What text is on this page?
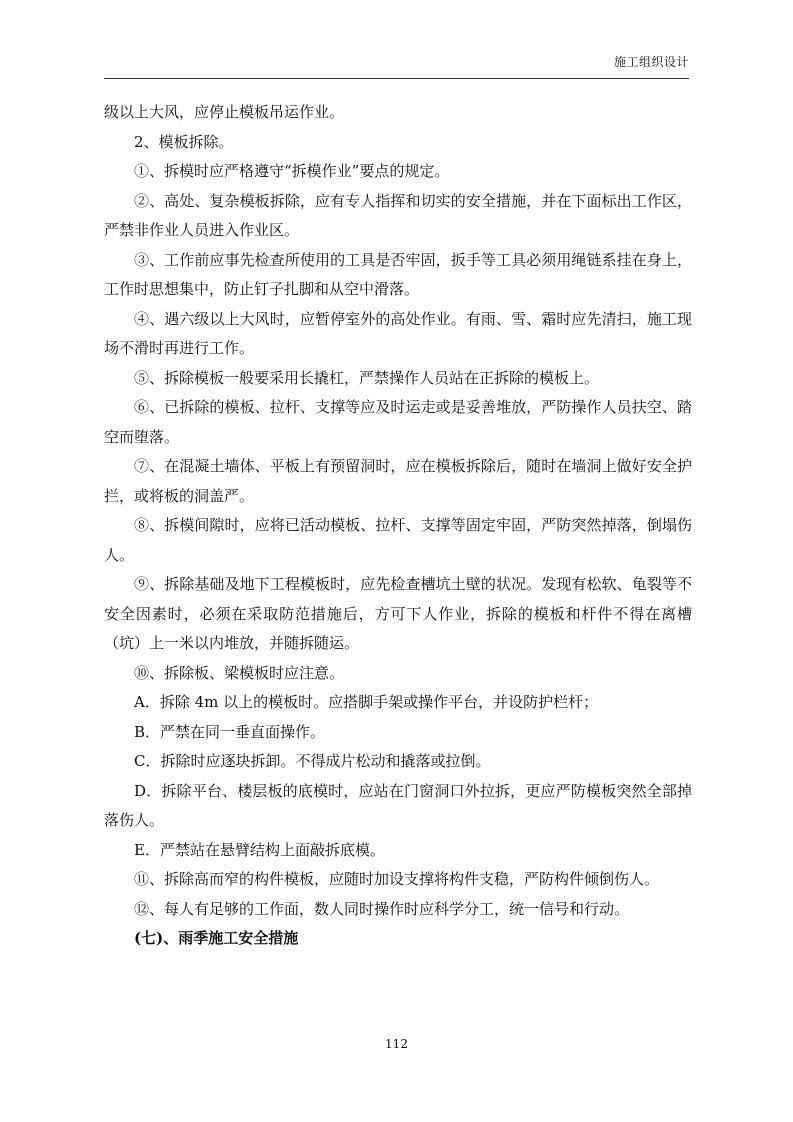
施工组织设计

级以上大风，应停止模板吊运作业。

2、模板拆除。

①、拆模时应严格遵守“拆模作业”要点的规定。

②、高处、复杂模板拆除，应有专人指挥和切实的安全措施，并在下面标出工作区，严禁非作业人员进入作业区。

③、工作前应事先检查所使用的工具是否牢固，扳手等工具必须用绳链系挂在身上，工作时思想集中，防止钉子扎脚和从空中滑落。

④、遇六级以上大风时，应暂停室外的高处作业。有雨、雪、霜时应先清扫，施工现场不滑时再进行工作。

⑤、拆除模板一般要采用长撬杠，严禁操作人员站在正拆除的模板上。

⑥、已拆除的模板、拉杆、支撑等应及时运走或是妥善堆放，严防操作人员扶空、踏空而堕落。

⑦、在混凝土墙体、平板上有预留洞时，应在模板拆除后，随时在墙洞上做好安全护拦，或将板的洞盖严。

⑧、拆模间隙时，应将已活动模板、拉杆、支撑等固定牢固，严防突然掉落，倒塌伤人。

⑨、拆除基础及地下工程模板时，应先检查槽坑土壁的状况。发现有松软、龟裂等不安全因素时，必须在采取防范措施后，方可下人作业，拆除的模板和杆件不得在离槽（坑）上一米以内堆放，并随拆随运。

⑩、拆除板、梁模板时应注意。

A．拆除 4m 以上的模板时。应搭脚手架或操作平台，并设防护栏杆；

B．严禁在同一垂直面操作。

C．拆除时应逐块拆卸。不得成片松动和撬落或拉倒。

D．拆除平台、楼层板的底模时，应站在门窗洞口外拉拆，更应严防模板突然全部掉落伤人。

E．严禁站在悬臂结构上面敲拆底模。

⑪、拆除高而窄的构件模板，应随时加设支撑将构件支稳，严防构件倾倒伤人。

⑫、每人有足够的工作面，数人同时操作时应科学分工，统一信号和行动。

(七)、雨季施工安全措施

112
